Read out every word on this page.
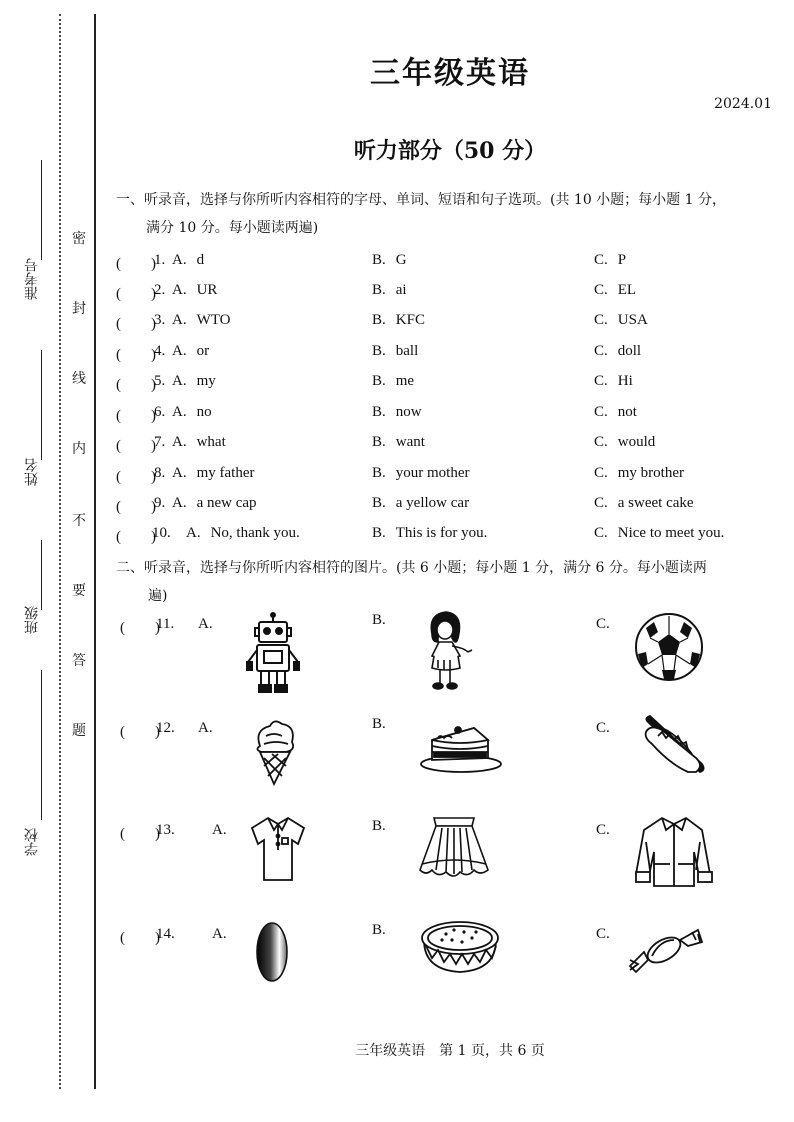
密
封
线
内
不
要
答
题
准考号
姓名
班级
学校
三年级英语
2024.01
听力部分（50 分）
一、听录音，选择与你所听内容相符的字母、单词、短语和句子选项。(共 10 小题；每小题 1 分，
满分 10 分。每小题读两遍)
(　　)
1. A. d	B. G	C. P
(　　)
2. A. UR	B. ai	C. EL
(　　)
3. A. WTO	B. KFC	C. USA
(　　)
4. A. or	B. ball	C. doll
(　　)
5. A. my	B. me	C. Hi
(　　)
6. A. no	B. now	C. not
(　　)
7. A. what	B. want	C. would
(　　)
8. A. my father	B. your mother	C. my brother
(　　)
9. A. a new cap	B. a yellow car	C. a sweet cake
(　　)
10. A. No, thank you.	B. This is for you.	C. Nice to meet you.
二、听录音，选择与你所听内容相符的图片。(共 6 小题；每小题 1 分，满分 6 分。每小题读两
遍)
(　　)
11. A.	B.	C.
(　　)
12. A.	B.	C.
(　　)
13. A.	B.	C.
(　　)
14. A.	B.	C.
三年级英语　第 1 页，共 6 页
